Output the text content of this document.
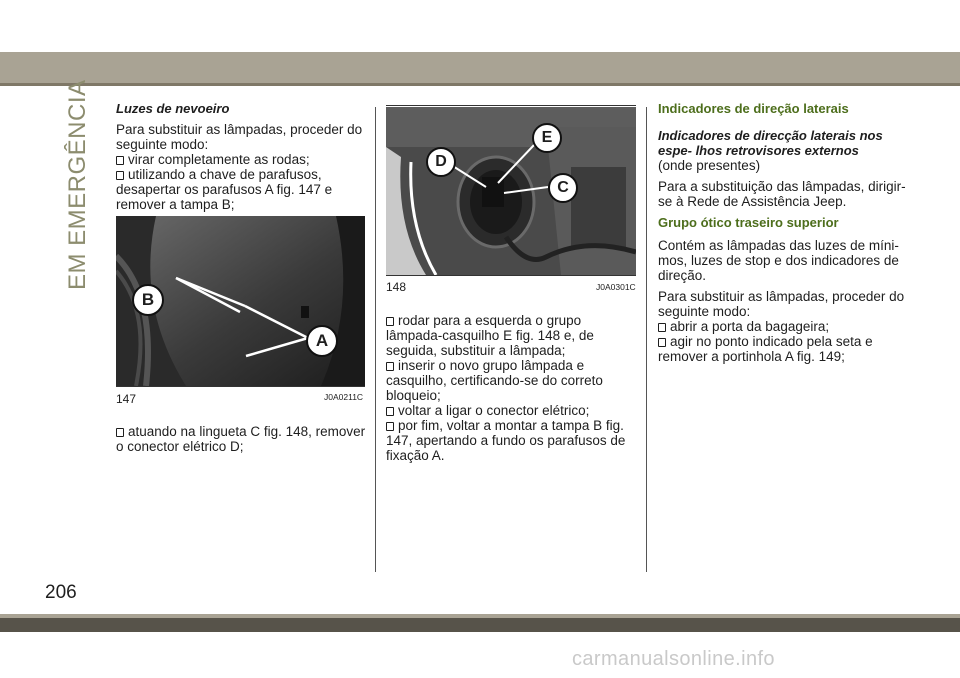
EM EMERGÊNCIA
206
Luzes de nevoeiro

Para substituir as lâmpadas, proceder do seguinte modo:

virar completamente as rodas;
utilizando a chave de parafusos, desapertar os parafusos A fig. 147 e remover a tampa B;
B
A
147	J0A0211C
atuando na lingueta C fig. 148, remover o conector elétrico D;
E
D
C
148	J0A0301C
rodar para a esquerda o grupo lâmpada-casquilho E fig. 148 e, de seguida, substituir a lâmpada;
inserir o novo grupo lâmpada e casquilho, certificando-se do correto bloqueio;
voltar a ligar o conector elétrico;
por fim, voltar a montar a tampa B fig. 147, apertando a fundo os parafusos de fixação A.
Indicadores de direção laterais
Indicadores de direcção laterais nos espe- lhos retrovisores externos

(onde presentes)

Para a substituição das lâmpadas, dirigir-se à Rede de Assistência Jeep.

Grupo ótico traseiro superior

Contém as lâmpadas das luzes de míni- mos, luzes de stop e dos indicadores de direção.

Para substituir as lâmpadas, proceder do seguinte modo:

abrir a porta da bagageira;
agir no ponto indicado pela seta e remover a portinhola A fig. 149;
carmanualsonline.info
